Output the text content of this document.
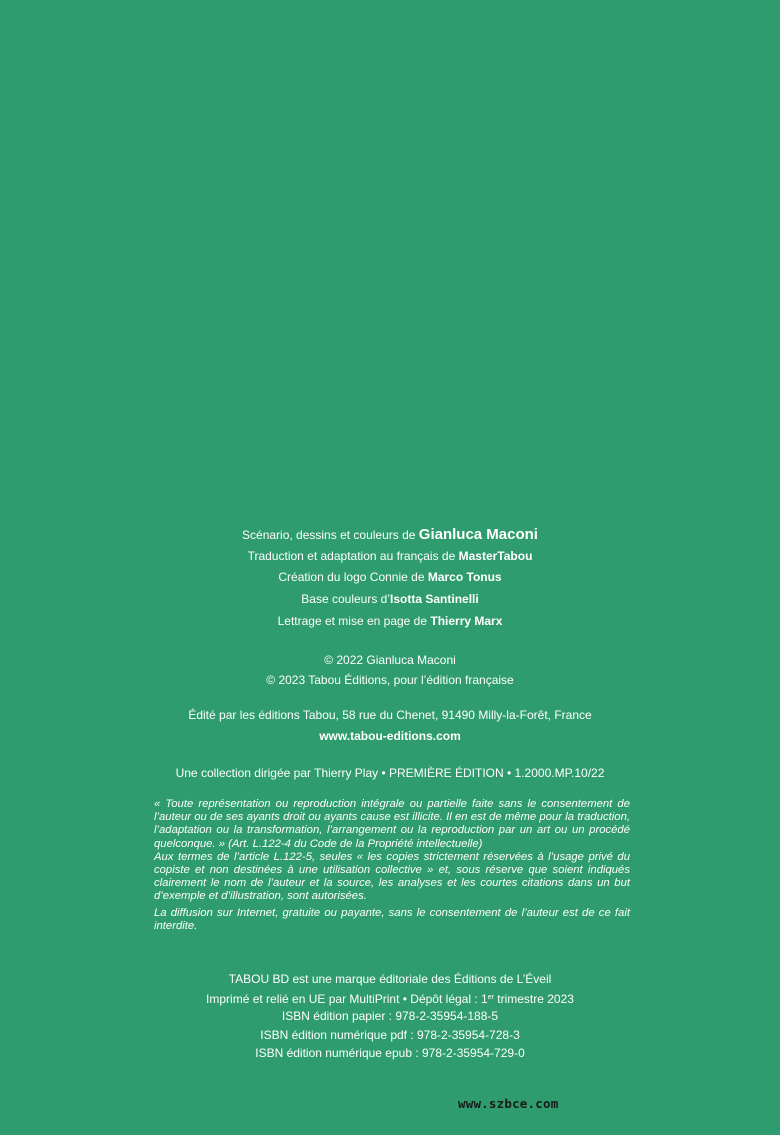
Scénario, dessins et couleurs de Gianluca Maconi
Traduction et adaptation au français de MasterTabou
Création du logo Connie de Marco Tonus
Base couleurs d’Isotta Santinelli
Lettrage et mise en page de Thierry Marx
© 2022 Gianluca Maconi
© 2023 Tabou Éditions, pour l’édition française
Édité par les éditions Tabou, 58 rue du Chenet, 91490 Milly-la-Forêt, France
www.tabou-editions.com
Une collection dirigée par Thierry Play • PREMIÈRE ÉDITION • 1.2000.MP.10/22

« Toute représentation ou reproduction intégrale ou partielle faite sans le consentement de l’auteur ou de ses ayants droit ou ayants cause est illicite. Il en est de même pour la traduction, l’adaptation ou la transformation, l’arrangement ou la reproduction par un art ou un procédé quelconque. » (Art. L.122-4 du Code de la Propriété intellectuelle)

Aux termes de l’article L.122-5, seules « les copies strictement réservées à l’usage privé du copiste et non destinées à une utilisation collective » et, sous réserve que soient indiqués clairement le nom de l’auteur et la source, les analyses et les courtes citations dans un but d’exemple et d’illustration, sont autorisées.

La diffusion sur Internet, gratuite ou payante, sans le consentement de l’auteur est de ce fait interdite.

TABOU BD est une marque éditoriale des Éditions de L’Éveil
Imprimé et relié en UE par MultiPrint • Dépôt légal : 1er trimestre 2023
ISBN édition papier : 978-2-35954-188-5
ISBN édition numérique pdf : 978-2-35954-728-3
ISBN édition numérique epub : 978-2-35954-729-0
www.szbce.com
